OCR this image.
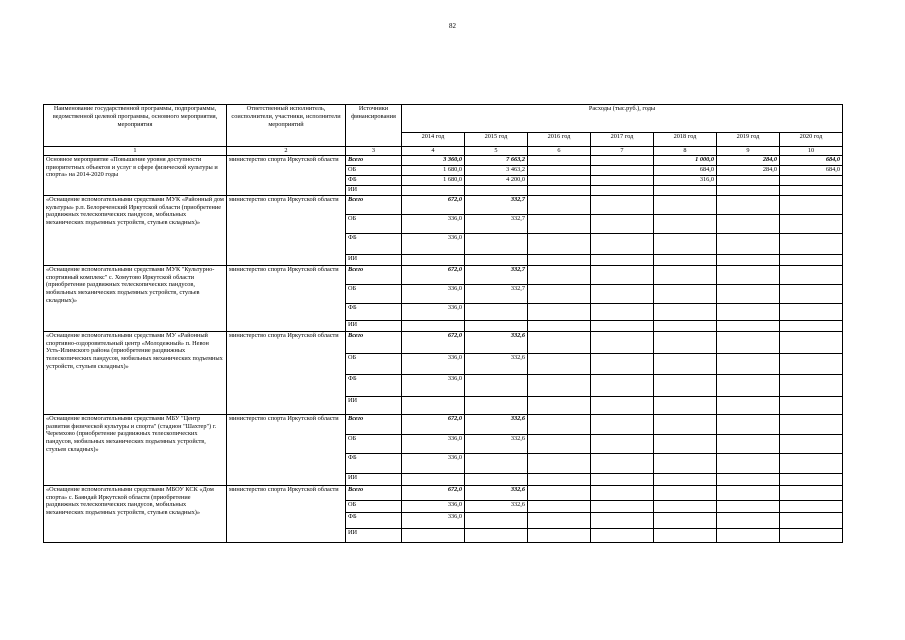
82
Наименование государственной программы, подпрограммы, ведомственной целевой программы, основного мероприятия, мероприятия	Ответственный исполнитель, соисполнители, участники, исполнители мероприятий	Источники финансирования	Расходы (тыс.руб.), годы						
			2014 год	2015 год	2016 год	2017 год	2018 год	2019 год	2020 год
1	2	3	4	5	6	7	8	9	10
Основное мероприятие «Повышение уровня доступности приоритетных объектов и услуг в сфере физической культуры и спорта» на 2014-2020 годы	министерство спорта Иркутской области	Всего	3 360,0	7 663,2			1 000,0	284,0	684,0
		ОБ	1 680,0	3 463,2			684,0	284,0	684,0
		ФБ	1 680,0	4 200,0			316,0		
		ИИ							
«Оснащение вспомогательными средствами МУК «Районный дом культуры» р.п. Белореченский Иркутской области (приобретение раздвижных телескопических пандусов, мобильных механических подъемных устройств, стульев складных)»	министерство спорта Иркутской области	Всего	672,0	332,7					
		ОБ	336,0	332,7					
		ФБ	336,0						
		ИИ							
«Оснащение вспомогательными средствами МУК "Культурно-спортивный комплекс" с. Хомутово Иркутской области (приобретение раздвижных телескопических пандусов, мобильных механических подъемных устройств, стульев складных)»	министерство спорта Иркутской области	Всего	672,0	332,7					
		ОБ	336,0	332,7					
		ФБ	336,0						
		ИИ							
«Оснащение вспомогательными средствами МУ «Районный спортивно-оздоровительный центр «Молодежный» п. Невон Усть-Илимского района (приобретение раздвижных телескопических пандусов, мобильных механических подъемных устройств, стульев складных)»	министерство спорта Иркутской области	Всего	672,0	332,6					
		ОБ	336,0	332,6					
		ФБ	336,0						
		ИИ							
«Оснащение вспомогательными средствами МБУ "Центр развития физической культуры и спорта" (стадион "Шахтер") г. Черемхово (приобретение раздвижных телескопических пандусов, мобильных механических подъемных устройств, стульев складных)»	министерство спорта Иркутской области	Всего	672,0	332,6					
		ОБ	336,0	332,6					
		ФБ	336,0						
		ИИ							
«Оснащение вспомогательными средствами МБОУ КСК «Дом спорта» с. Баяндай Иркутской области (приобретение раздвижных телескопических пандусов, мобильных механических подъемных устройств, стульев складных)»	министерство спорта Иркутской области	Всего	672,0	332,6					
		ОБ	336,0	332,6					
		ФБ	336,0						
		ИИ							
